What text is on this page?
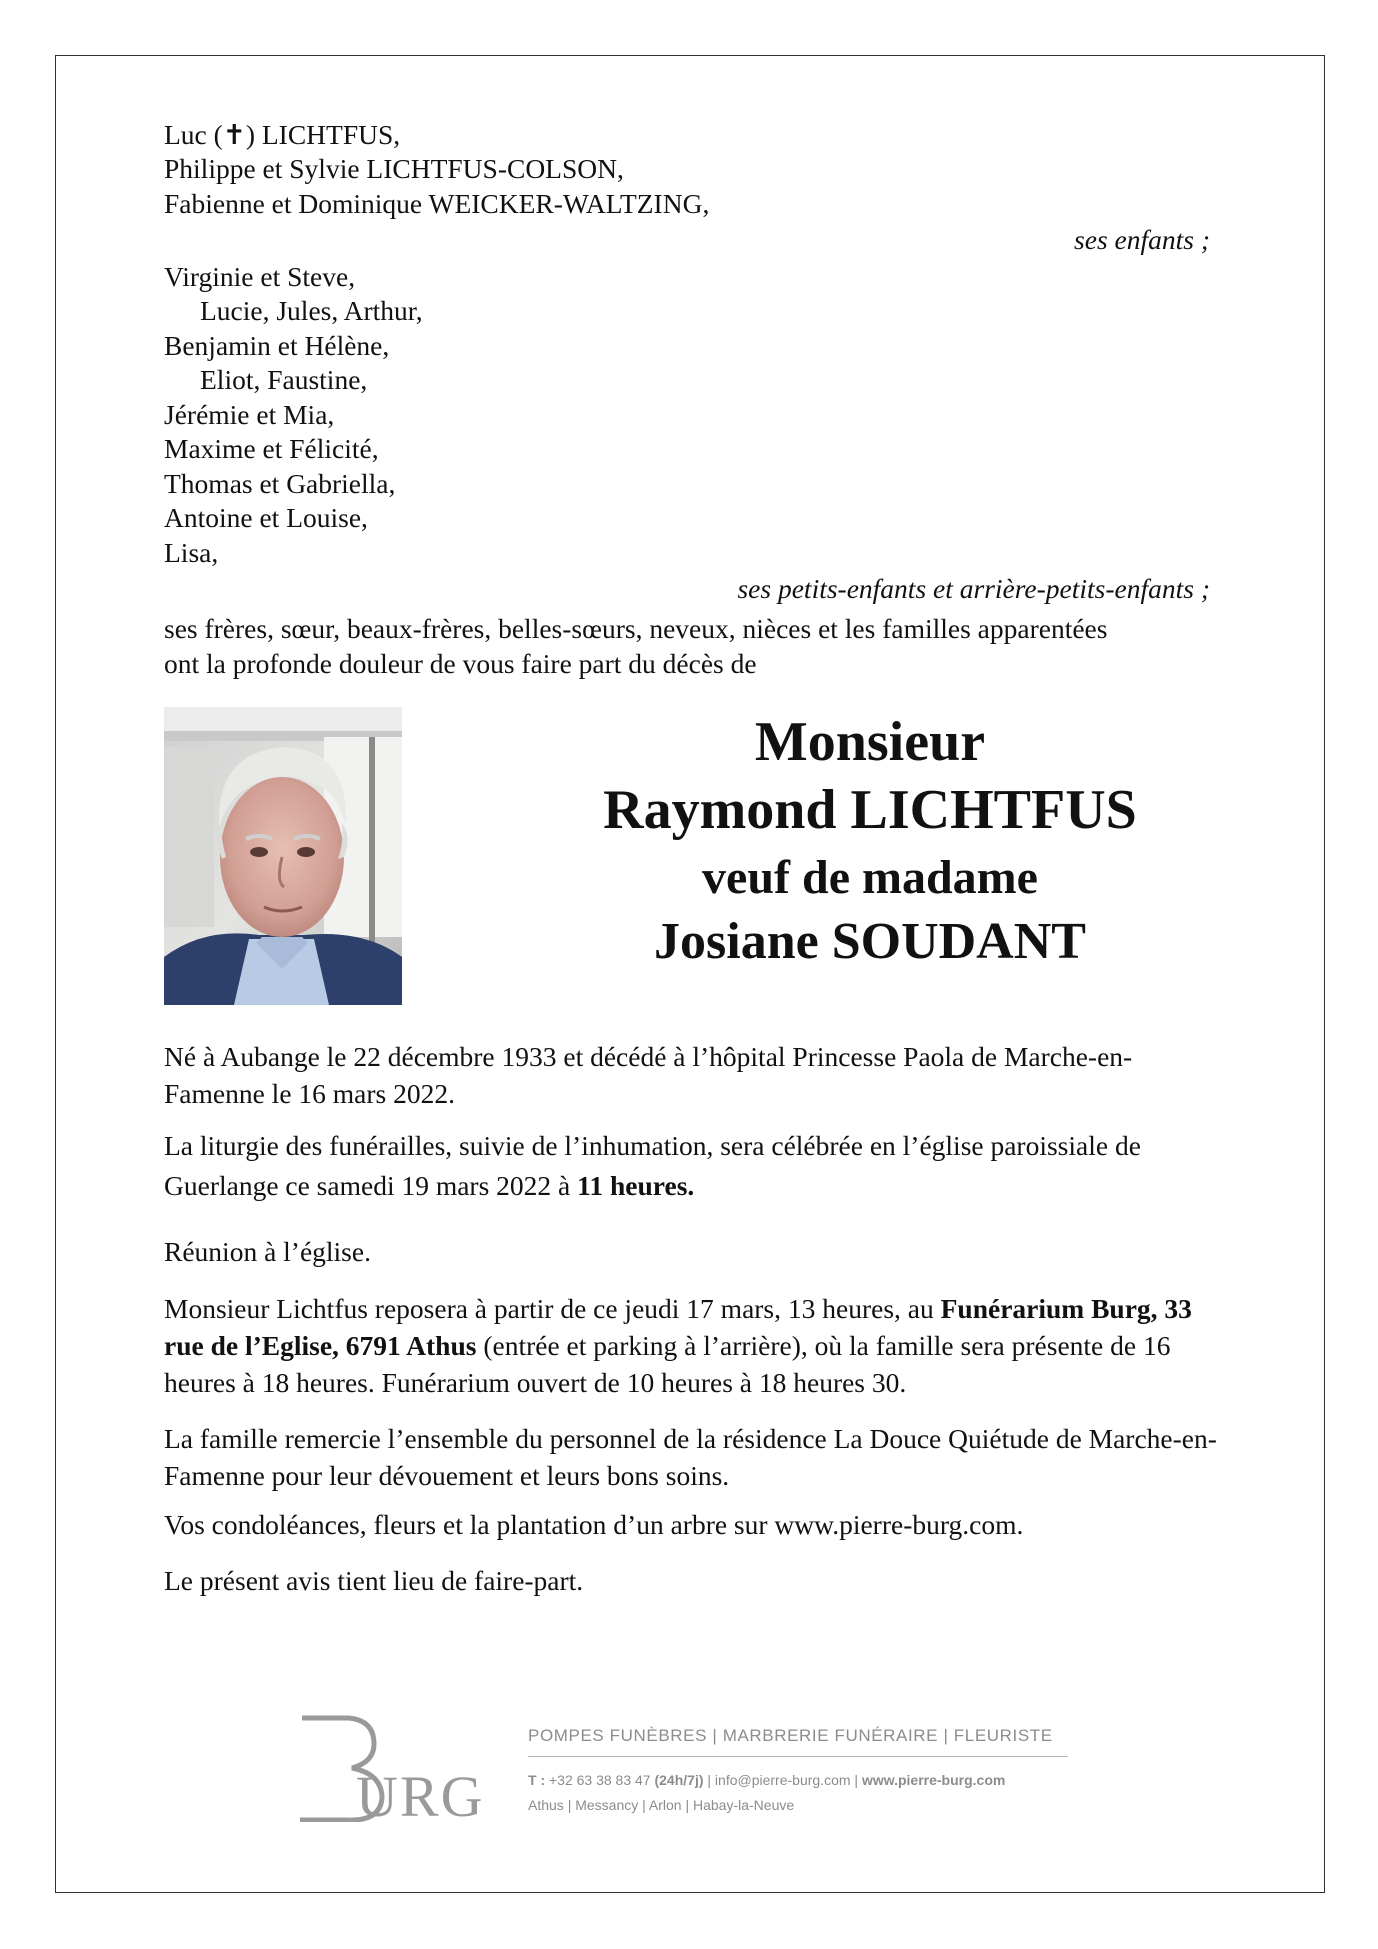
Luc (✝) LICHTFUS,
Philippe et Sylvie LICHTFUS-COLSON,
Fabienne et Dominique WEICKER-WALTZING,
ses enfants ;
Virginie et Steve,
Lucie, Jules, Arthur,
Benjamin et Hélène,
Eliot, Faustine,
Jérémie et Mia,
Maxime et Félicité,
Thomas et Gabriella,
Antoine et Louise,
Lisa,
ses petits-enfants et arrière-petits-enfants ;
ses frères, sœur, beaux-frères, belles-sœurs, neveux, nièces et les familles apparentées
ont la profonde douleur de vous faire part du décès de
Monsieur
Raymond LICHTFUS
veuf de madame
Josiane SOUDANT
Né à Aubange le 22 décembre 1933 et décédé à l’hôpital Princesse Paola de Marche-en-Famenne le 16 mars 2022.
La liturgie des funérailles, suivie de l’inhumation, sera célébrée en l’église paroissiale de Guerlange ce samedi 19 mars 2022 à 11 heures.
Réunion à l’église.
Monsieur Lichtfus reposera à partir de ce jeudi 17 mars, 13 heures, au Funérarium Burg, 33 rue de l’Eglise, 6791 Athus (entrée et parking à l’arrière), où la famille sera présente de 16 heures à 18 heures. Funérarium ouvert de 10 heures à 18 heures 30.
La famille remercie l’ensemble du personnel de la résidence La Douce Quiétude de Marche-en-Famenne pour leur dévouement et leurs bons soins.
Vos condoléances, fleurs et la plantation d’un arbre sur www.pierre-burg.com.
Le présent avis tient lieu de faire-part.
URG
POMPES FUNÈBRES | MARBRERIE FUNÉRAIRE | FLEURISTE
T : +32 63 38 83 47 (24h/7j) | info@pierre-burg.com | www.pierre-burg.com
Athus | Messancy | Arlon | Habay-la-Neuve
